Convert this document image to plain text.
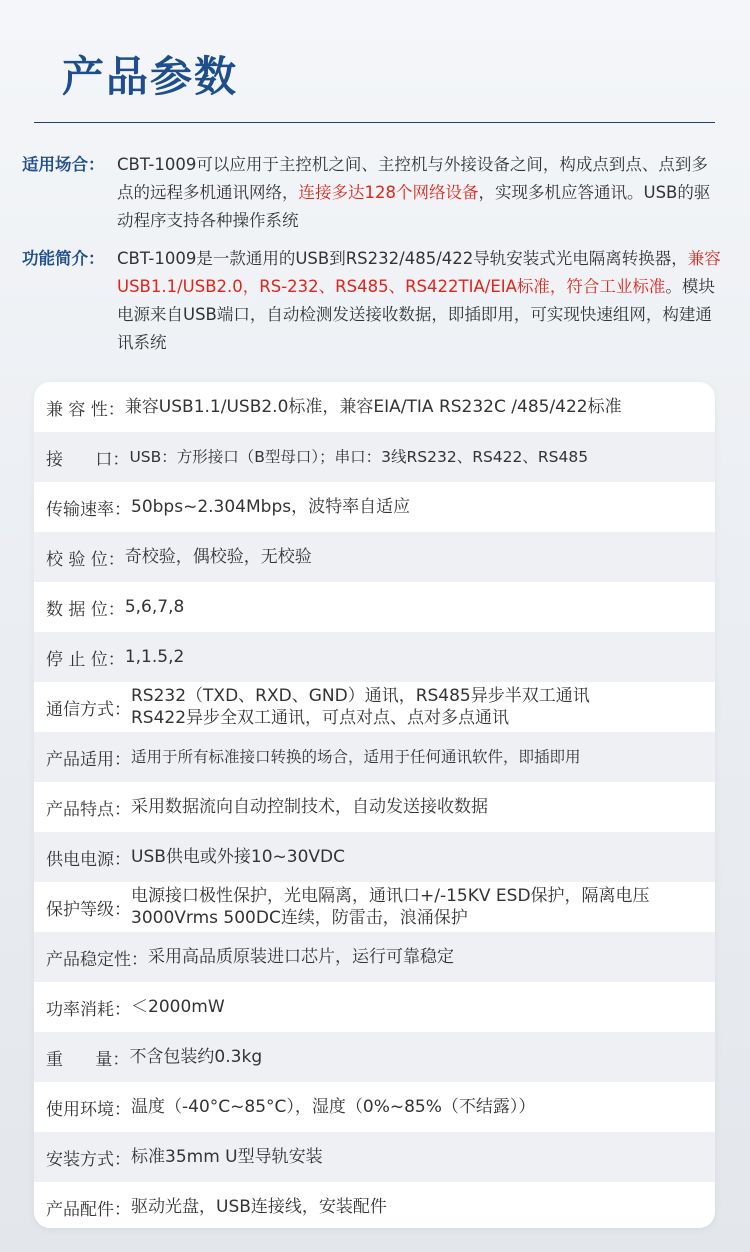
产品参数
适用场合： CBT-1009可以应用于主控机之间、主控机与外接设备之间，构成点到点、点到多点的远程多机通讯网络，连接多达128个网络设备，实现多机应答通讯。USB的驱动程序支持各种操作系统
功能简介： CBT-1009是一款通用的USB到RS232/485/422导轨安装式光电隔离转换器，兼容USB1.1/USB2.0，RS-232、RS485、RS422TIA/EIA标准，符合工业标准。模块电源来自USB端口，自动检测发送接收数据，即插即用，可实现快速组网，构建通讯系统
兼 容 性： 兼容USB1.1/USB2.0标准，兼容EIA/TIA RS232C /485/422标准
接      口： USB：方形接口（B型母口）；串口：3线RS232、RS422、RS485
传输速率： 50bps~2.304Mbps，波特率自适应
校 验 位： 奇校验，偶校验，无校验
数 据 位： 5,6,7,8
停 止 位： 1,1.5,2
通信方式：
RS232（TXD、RXD、GND）通讯，RS485异步半双工通讯
RS422异步全双工通讯，可点对点、点对多点通讯
产品适用： 适用于所有标准接口转换的场合，适用于任何通讯软件，即插即用
产品特点： 采用数据流向自动控制技术，自动发送接收数据
供电电源： USB供电或外接10~30VDC
保护等级：
电源接口极性保护，光电隔离，通讯口+/-15KV ESD保护，隔离电压3000Vrms 500DC连续，防雷击，浪涌保护
产品稳定性： 采用高品质原装进口芯片，运行可靠稳定
功率消耗： ＜2000mW
重      量： 不含包装约0.3kg
使用环境： 温度（-40°C~85°C），湿度（0%~85%（不结露））
安装方式： 标准35mm U型导轨安装
产品配件： 驱动光盘，USB连接线，安装配件
